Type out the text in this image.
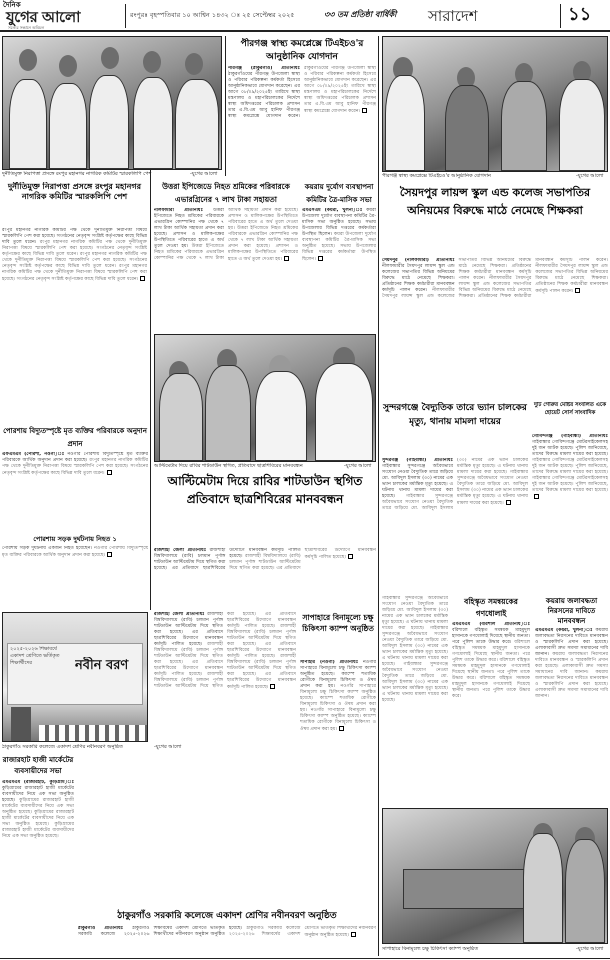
দৈনিক
যুগের আলো
সত্যের সন্ধানে অবিচল
রংপুরঃ বৃহস্পতিবার ১০ আশ্বিন ১৪৩২ ঃ ২৫ সেপ্টেম্বর ২০২৫	৩৩ তম প্রতিষ্ঠা বার্ষিকী	সারাদেশ	১১
দুর্নীতিমুক্ত নিরাপত্তা প্রসঙ্গে রংপুর মহানগর নাগরিক কমিটির স্মারকলিপি পেশ	-যুগের আলো
দুর্নীতিমুক্ত নিরাপত্তা প্রসঙ্গে রংপুর মহানগর নাগরিক কমিটির স্মারকলিপি পেশ
রংপুর মহানগর নাগরিক কমিটির পক্ষ থেকে দুর্নীতিমুক্ত নিরাপত্তা বিষয়ে স্মারকলিপি পেশ করা হয়েছে। সংগঠনের নেতৃবৃন্দ সংশ্লিষ্ট কর্তৃপক্ষের কাছে বিভিন্ন দাবি তুলে ধরেন। রংপুর মহানগর নাগরিক কমিটির পক্ষ থেকে দুর্নীতিমুক্ত নিরাপত্তা বিষয়ে স্মারকলিপি পেশ করা হয়েছে। সংগঠনের নেতৃবৃন্দ সংশ্লিষ্ট কর্তৃপক্ষের কাছে বিভিন্ন দাবি তুলে ধরেন। রংপুর মহানগর নাগরিক কমিটির পক্ষ থেকে দুর্নীতিমুক্ত নিরাপত্তা বিষয়ে স্মারকলিপি পেশ করা হয়েছে। সংগঠনের নেতৃবৃন্দ সংশ্লিষ্ট কর্তৃপক্ষের কাছে বিভিন্ন দাবি তুলে ধরেন। রংপুর মহানগর নাগরিক কমিটির পক্ষ থেকে দুর্নীতিমুক্ত নিরাপত্তা বিষয়ে স্মারকলিপি পেশ করা হয়েছে। সংগঠনের নেতৃবৃন্দ সংশ্লিষ্ট কর্তৃপক্ষের কাছে বিভিন্ন দাবি তুলে ধরেন।
পীরগঞ্জ স্বাস্থ্য কমপ্লেক্সে টিএইচও'র আনুষ্ঠানিক যোগদান
পীরগঞ্জ (ঠাকুরগাঁও) প্রতিনিধিঃ ঠাকুরগাঁওয়ের পীরগঞ্জ উপজেলা স্বাস্থ্য ও পরিবার পরিকল্পনা কর্মকর্তা হিসেবে আনুষ্ঠানিকভাবে যোগদান করেছেন। এর আগে ০৮/০৯/২০২৫ইং তারিখে স্বাস্থ্য মন্ত্রণালয় ও মহাপরিচালকের নির্দেশে স্বাস্থ্য অধিদপ্তরের পরিচালক প্রশাসন তার এ.বি.এম আবু হানিফ পীরগঞ্জ স্বাস্থ্য কমপ্লেক্সে যোগদান করেন। ঠাকুরগাঁওয়ের পীরগঞ্জ উপজেলা স্বাস্থ্য ও পরিবার পরিকল্পনা কর্মকর্তা হিসেবে আনুষ্ঠানিকভাবে যোগদান করেছেন। এর আগে ০৮/০৯/২০২৫ইং তারিখে স্বাস্থ্য মন্ত্রণালয় ও মহাপরিচালকের নির্দেশে স্বাস্থ্য অধিদপ্তরের পরিচালক প্রশাসন তার এ.বি.এম আবু হানিফ পীরগঞ্জ স্বাস্থ্য কমপ্লেক্সে যোগদান করেন।
উত্তরা ইপিজেডে নিহত শ্রমিকের পরিবারকে এভারগ্রিনের ৭ লাখ টাকা সহায়তা
নীলফামারী প্রতিনিধিঃ উত্তরা ইপিজেডে নিহত শ্রমিকের পরিবারকে এভারগ্রিন কোম্পানির পক্ষ থেকে ৭ লাখ টাকা আর্থিক সহায়তা প্রদান করা হয়েছে। প্রশাসন ও মালিকপক্ষের উপস্থিতিতে পরিবারের হাতে এ অর্থ তুলে দেওয়া হয়। উত্তরা ইপিজেডে নিহত শ্রমিকের পরিবারকে এভারগ্রিন কোম্পানির পক্ষ থেকে ৭ লাখ টাকা আর্থিক সহায়তা প্রদান করা হয়েছে। প্রশাসন ও মালিকপক্ষের উপস্থিতিতে পরিবারের হাতে এ অর্থ তুলে দেওয়া হয়। উত্তরা ইপিজেডে নিহত শ্রমিকের পরিবারকে এভারগ্রিন কোম্পানির পক্ষ থেকে ৭ লাখ টাকা আর্থিক সহায়তা প্রদান করা হয়েছে। প্রশাসন ও মালিকপক্ষের উপস্থিতিতে পরিবারের হাতে এ অর্থ তুলে দেওয়া হয়।
কয়রায় দুর্যোগ ব্যবস্থাপনা কমিটির ত্রৈ-মাসিক সভা
এমএসএম (কয়রা, খুলনা)ঃ কয়রা উপজেলা দুর্যোগ ব্যবস্থাপনা কমিটির ত্রৈ-মাসিক সভা অনুষ্ঠিত হয়েছে। সভায় উপজেলার বিভিন্ন দপ্তরের কর্মকর্তারা উপস্থিত ছিলেন। কয়রা উপজেলা দুর্যোগ ব্যবস্থাপনা কমিটির ত্রৈ-মাসিক সভা অনুষ্ঠিত হয়েছে। সভায় উপজেলার বিভিন্ন দপ্তরের কর্মকর্তারা উপস্থিত ছিলেন।
পোরশায় বিদ্যুতস্পৃষ্টে মৃত ব্যক্তির পরিবারকে অনুদান প্রদান
এফএমএম (পোরশা, নওগাঁ)ঃ নওগাঁর পোরশায় বিদ্যুতস্পৃষ্টে মৃত ব্যক্তির পরিবারকে আর্থিক অনুদান প্রদান করা হয়েছে। রংপুর মহানগর নাগরিক কমিটির পক্ষ থেকে দুর্নীতিমুক্ত নিরাপত্তা বিষয়ে স্মারকলিপি পেশ করা হয়েছে। সংগঠনের নেতৃবৃন্দ সংশ্লিষ্ট কর্তৃপক্ষের কাছে বিভিন্ন দাবি তুলে ধরেন।
পোরশায় সড়ক দুর্ঘটনায় নিহত ১
পোরশায় সড়ক দুর্ঘটনায় একজন নিহত হয়েছেন। নওগাঁর পোরশায় বিদ্যুতস্পৃষ্টে মৃত ব্যক্তির পরিবারকে আর্থিক অনুদান প্রদান করা হয়েছে।
আল্টিমেটাম দিয়ে রাবির শাটডাউন স্থগিত, প্রতিবাদে ছাত্রশিবিরের মানববন্ধন	-যুগের আলো
আল্টিমেটাম দিয়ে রাবির শাটডাউন স্থগিত প্রতিবাদে ছাত্রশিবিরের মানববন্ধন
রাজশাহী জেলা প্রতিনিধিঃ রাজশাহী বিশ্ববিদ্যালয়ে (রাবি) চলমান পূর্ণাঙ্গ শাটডাউন আল্টিমেটাম দিয়ে স্থগিত করা হয়েছে। এর প্রতিবাদে ছাত্রশিবিরের উদ্যোগে মানববন্ধন কর্মসূচি পালিত হয়েছে। রাজশাহী বিশ্ববিদ্যালয়ে (রাবি) চলমান পূর্ণাঙ্গ শাটডাউন আল্টিমেটাম দিয়ে স্থগিত করা হয়েছে। এর প্রতিবাদে ছাত্রশিবিরের উদ্যোগে মানববন্ধন কর্মসূচি পালিত হয়েছে।
পীরগঞ্জ স্বাস্থ্য কমপ্লেক্সে টিএইচও'র আনুষ্ঠানিক যোগদান	-যুগের আলো
সৈয়দপুর লায়ন্স স্কুল এন্ড কলেজ সভাপতির অনিয়মের বিরুদ্ধে মাঠে নেমেছে শিক্ষকরা
সৈয়দপুর (নীলফামারী) প্রতিনিধিঃ নীলফামারীর সৈয়দপুর লায়ন্স স্কুল এন্ড কলেজের সভাপতির বিভিন্ন অনিয়মের বিরুদ্ধে মাঠে নেমেছে শিক্ষকরা। প্রতিষ্ঠানের শিক্ষক কর্মচারীরা মানববন্ধন কর্মসূচি পালন করেন। নীলফামারীর সৈয়দপুর লায়ন্স স্কুল এন্ড কলেজের সভাপতির বিভিন্ন অনিয়মের বিরুদ্ধে মাঠে নেমেছে শিক্ষকরা। প্রতিষ্ঠানের শিক্ষক কর্মচারীরা মানববন্ধন কর্মসূচি পালন করেন। নীলফামারীর সৈয়দপুর লায়ন্স স্কুল এন্ড কলেজের সভাপতির বিভিন্ন অনিয়মের বিরুদ্ধে মাঠে নেমেছে শিক্ষকরা। প্রতিষ্ঠানের শিক্ষক কর্মচারীরা মানববন্ধন কর্মসূচি পালন করেন। নীলফামারীর সৈয়দপুর লায়ন্স স্কুল এন্ড কলেজের সভাপতির বিভিন্ন অনিয়মের বিরুদ্ধে মাঠে নেমেছে শিক্ষকরা। প্রতিষ্ঠানের শিক্ষক কর্মচারীরা মানববন্ধন কর্মসূচি পালন করেন।
সুন্দরগঞ্জে বৈদ্যুতিক তারে ভ্যান চালকের মৃত্যু, থানায় মামলা দায়ের
সুন্দরগঞ্জ (গাইবান্ধা) প্রতিনিধিঃ গাইবান্ধার সুন্দরগঞ্জে অবৈধভাবে সংযোগ নেওয়া বৈদ্যুতিক তারে জড়িয়ে মো. আবিদুল ইসলাম (৩০) নামের এক ভ্যান চালকের মর্মান্তিক মৃত্যু হয়েছে। এ ঘটনায় থানায় মামলা দায়ের করা হয়েছে। গাইবান্ধার সুন্দরগঞ্জে অবৈধভাবে সংযোগ নেওয়া বৈদ্যুতিক তারে জড়িয়ে মো. আবিদুল ইসলাম (৩০) নামের এক ভ্যান চালকের মর্মান্তিক মৃত্যু হয়েছে। এ ঘটনায় থানায় মামলা দায়ের করা হয়েছে। গাইবান্ধার সুন্দরগঞ্জে অবৈধভাবে সংযোগ নেওয়া বৈদ্যুতিক তারে জড়িয়ে মো. আবিদুল ইসলাম (৩০) নামের এক ভ্যান চালকের মর্মান্তিক মৃত্যু হয়েছে। এ ঘটনায় থানায় মামলা দায়ের করা হয়েছে।
দুটি গোরুর মোষ্টর সংবলিত একে হোয়েট সোর্স সাংবাদিক
গোবিন্দগঞ্জ (গাইবান্ধা) প্রতিনিধিঃ গাইবান্ধার গোবিন্দগঞ্জে মোটরসাইকেলসহ দুই জন আটক হয়েছে। পুলিশ জানিয়েছে, তাদের বিরুদ্ধে মামলা দায়ের করা হয়েছে। গাইবান্ধার গোবিন্দগঞ্জে মোটরসাইকেলসহ দুই জন আটক হয়েছে। পুলিশ জানিয়েছে, তাদের বিরুদ্ধে মামলা দায়ের করা হয়েছে। গাইবান্ধার গোবিন্দগঞ্জে মোটরসাইকেলসহ দুই জন আটক হয়েছে। পুলিশ জানিয়েছে, তাদের বিরুদ্ধে মামলা দায়ের করা হয়েছে।
রাজশাহী জেলা প্রতিনিধিঃ রাজশাহী বিশ্ববিদ্যালয়ে (রাবি) চলমান পূর্ণাঙ্গ শাটডাউন আল্টিমেটাম দিয়ে স্থগিত করা হয়েছে। এর প্রতিবাদে ছাত্রশিবিরের উদ্যোগে মানববন্ধন কর্মসূচি পালিত হয়েছে। রাজশাহী বিশ্ববিদ্যালয়ে (রাবি) চলমান পূর্ণাঙ্গ শাটডাউন আল্টিমেটাম দিয়ে স্থগিত করা হয়েছে। এর প্রতিবাদে ছাত্রশিবিরের উদ্যোগে মানববন্ধন কর্মসূচি পালিত হয়েছে। রাজশাহী বিশ্ববিদ্যালয়ে (রাবি) চলমান পূর্ণাঙ্গ শাটডাউন আল্টিমেটাম দিয়ে স্থগিত করা হয়েছে। এর প্রতিবাদে ছাত্রশিবিরের উদ্যোগে মানববন্ধন কর্মসূচি পালিত হয়েছে। রাজশাহী বিশ্ববিদ্যালয়ে (রাবি) চলমান পূর্ণাঙ্গ শাটডাউন আল্টিমেটাম দিয়ে স্থগিত করা হয়েছে। এর প্রতিবাদে ছাত্রশিবিরের উদ্যোগে মানববন্ধন কর্মসূচি পালিত হয়েছে। রাজশাহী বিশ্ববিদ্যালয়ে (রাবি) চলমান পূর্ণাঙ্গ শাটডাউন আল্টিমেটাম দিয়ে স্থগিত করা হয়েছে। এর প্রতিবাদে ছাত্রশিবিরের উদ্যোগে মানববন্ধন কর্মসূচি পালিত হয়েছে।
সাপাহারে বিনামূল্যে চক্ষু চিকিৎসা ক্যাম্প অনুষ্ঠিত
সাপাহার (নওগাঁ) প্রতিনিধিঃ নওগাঁর সাপাহারে বিনামূল্যে চক্ষু চিকিৎসা ক্যাম্প অনুষ্ঠিত হয়েছে। ক্যাম্পে শতাধিক রোগীকে বিনামূল্যে চিকিৎসা ও ঔষধ প্রদান করা হয়। নওগাঁর সাপাহারে বিনামূল্যে চক্ষু চিকিৎসা ক্যাম্প অনুষ্ঠিত হয়েছে। ক্যাম্পে শতাধিক রোগীকে বিনামূল্যে চিকিৎসা ও ঔষধ প্রদান করা হয়। নওগাঁর সাপাহারে বিনামূল্যে চক্ষু চিকিৎসা ক্যাম্প অনুষ্ঠিত হয়েছে। ক্যাম্পে শতাধিক রোগীকে বিনামূল্যে চিকিৎসা ও ঔষধ প্রদান করা হয়।
সাপাহারে বিনামূল্যে চক্ষু চিকিৎসা ক্যাম্প অনুষ্ঠিত	-যুগের আলো
গাইবান্ধার সুন্দরগঞ্জে অবৈধভাবে সংযোগ নেওয়া বৈদ্যুতিক তারে জড়িয়ে মো. আবিদুল ইসলাম (৩০) নামের এক ভ্যান চালকের মর্মান্তিক মৃত্যু হয়েছে। এ ঘটনায় থানায় মামলা দায়ের করা হয়েছে। গাইবান্ধার সুন্দরগঞ্জে অবৈধভাবে সংযোগ নেওয়া বৈদ্যুতিক তারে জড়িয়ে মো. আবিদুল ইসলাম (৩০) নামের এক ভ্যান চালকের মর্মান্তিক মৃত্যু হয়েছে। এ ঘটনায় থানায় মামলা দায়ের করা হয়েছে। গাইবান্ধার সুন্দরগঞ্জে অবৈধভাবে সংযোগ নেওয়া বৈদ্যুতিক তারে জড়িয়ে মো. আবিদুল ইসলাম (৩০) নামের এক ভ্যান চালকের মর্মান্তিক মৃত্যু হয়েছে। এ ঘটনায় থানায় মামলা দায়ের করা হয়েছে।
বহিস্কৃত সমন্বয়কের গণধোলাই
এমএমএম (বরিশাল প্রতিনিধি)ঃ বরিশালে বহিস্কৃত সমন্বয়ক মাহমুদুল হাসানকে গণধোলাই দিয়েছে স্থানীয় জনতা। পরে পুলিশ তাকে উদ্ধার করে। বরিশালে বহিস্কৃত সমন্বয়ক মাহমুদুল হাসানকে গণধোলাই দিয়েছে স্থানীয় জনতা। পরে পুলিশ তাকে উদ্ধার করে। বরিশালে বহিস্কৃত সমন্বয়ক মাহমুদুল হাসানকে গণধোলাই দিয়েছে স্থানীয় জনতা। পরে পুলিশ তাকে উদ্ধার করে। বরিশালে বহিস্কৃত সমন্বয়ক মাহমুদুল হাসানকে গণধোলাই দিয়েছে স্থানীয় জনতা। পরে পুলিশ তাকে উদ্ধার করে।
কয়রায় জলাবদ্ধতা নিরসনের দাবিতে মানববন্ধন
এমএমএম (কয়রা, খুলনা)ঃ কয়রায় জলাবদ্ধতা নিরসনের দাবিতে মানববন্ধন ও স্মারকলিপি প্রদান করা হয়েছে। এলাকাবাসী দ্রুত সমস্যা সমাধানের দাবি জানান। কয়রায় জলাবদ্ধতা নিরসনের দাবিতে মানববন্ধন ও স্মারকলিপি প্রদান করা হয়েছে। এলাকাবাসী দ্রুত সমস্যা সমাধানের দাবি জানান। কয়রায় জলাবদ্ধতা নিরসনের দাবিতে মানববন্ধন ও স্মারকলিপি প্রদান করা হয়েছে। এলাকাবাসী দ্রুত সমস্যা সমাধানের দাবি জানান।
২০২৫-২০২৬ শিক্ষাবর্ষে একাদশ শ্রেণিতে ভর্তিকৃত শিক্ষার্থীদের	নবীন বরণ
ঠাকুরগাঁও সরকারি কলেজে একাদশ শ্রেণির নবীনবরণ অনুষ্ঠিত	-যুগের আলো
ঠাকুরগাঁও সরকারি কলেজে একাদশ শ্রেণির নবীনবরণ অনুষ্ঠিত
ঠাকুরগাঁও প্রতিনিধিঃ ঠাকুরগাঁও সরকারি কলেজে ২০২৫-২০২৬ শিক্ষাবর্ষের একাদশ শ্রেণিতে ভর্তিকৃত শিক্ষার্থীদের নবীনবরণ অনুষ্ঠান অনুষ্ঠিত হয়েছে। ঠাকুরগাঁও সরকারি কলেজে ২০২৫-২০২৬ শিক্ষাবর্ষের একাদশ শ্রেণিতে ভর্তিকৃত শিক্ষার্থীদের নবীনবরণ অনুষ্ঠান অনুষ্ঠিত হয়েছে।
রাজারহাট হাজী মার্কেটের ব্যবসায়ীদের সভা
এমএমএম (রাজারহাট, কুড়িগ্রাম)ঃ কুড়িগ্রামের রাজারহাট হাজী মার্কেটের ব্যবসায়ীদের নিয়ে এক সভা অনুষ্ঠিত হয়েছে। কুড়িগ্রামের রাজারহাট হাজী মার্কেটের ব্যবসায়ীদের নিয়ে এক সভা অনুষ্ঠিত হয়েছে। কুড়িগ্রামের রাজারহাট হাজী মার্কেটের ব্যবসায়ীদের নিয়ে এক সভা অনুষ্ঠিত হয়েছে। কুড়িগ্রামের রাজারহাট হাজী মার্কেটের ব্যবসায়ীদের নিয়ে এক সভা অনুষ্ঠিত হয়েছে।
